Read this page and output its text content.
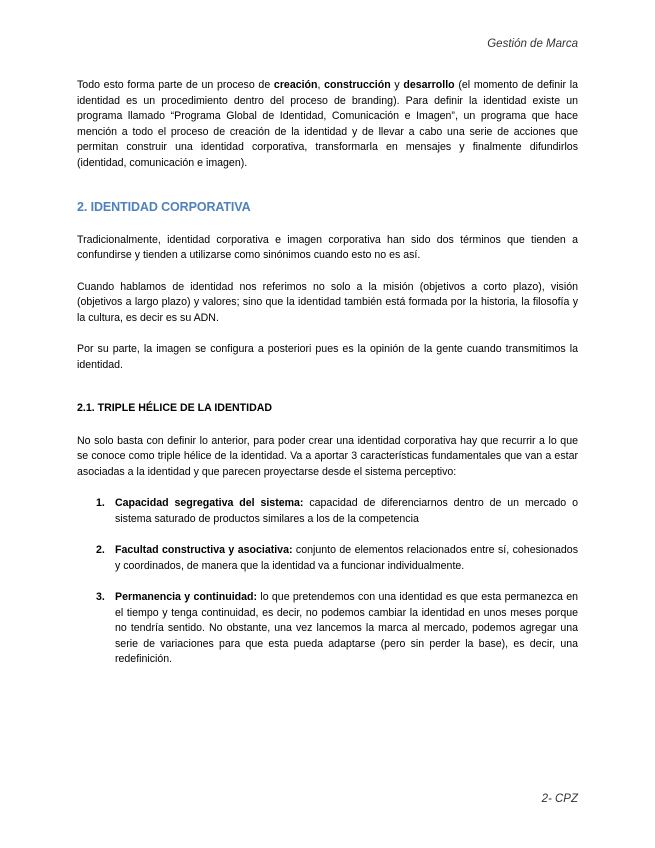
Gestión de Marca

Todo esto forma parte de un proceso de creación, construcción y desarrollo (el momento de definir la identidad es un procedimiento dentro del proceso de branding). Para definir la identidad existe un programa llamado “Programa Global de Identidad, Comunicación e Imagen”, un programa que hace mención a todo el proceso de creación de la identidad y de llevar a cabo una serie de acciones que permitan construir una identidad corporativa, transformarla en mensajes y finalmente difundirlos (identidad, comunicación e imagen).

2. IDENTIDAD CORPORATIVA

Tradicionalmente, identidad corporativa e imagen corporativa han sido dos términos que tienden a confundirse y tienden a utilizarse como sinónimos cuando esto no es así.

Cuando hablamos de identidad nos referimos no solo a la misión (objetivos a corto plazo), visión (objetivos a largo plazo) y valores; sino que la identidad también está formada por la historia, la filosofía y la cultura, es decir es su ADN.

Por su parte, la imagen se configura a posteriori pues es la opinión de la gente cuando transmitimos la identidad.

2.1. TRIPLE HÉLICE DE LA IDENTIDAD

No solo basta con definir lo anterior, para poder crear una identidad corporativa hay que recurrir a lo que se conoce como triple hélice de la identidad. Va a aportar 3 características fundamentales que van a estar asociadas a la identidad y que parecen proyectarse desde el sistema perceptivo:

1. Capacidad segregativa del sistema: capacidad de diferenciarnos dentro de un mercado o sistema saturado de productos similares a los de la competencia
2. Facultad constructiva y asociativa: conjunto de elementos relacionados entre sí, cohesionados y coordinados, de manera que la identidad va a funcionar individualmente.
3. Permanencia y continuidad: lo que pretendemos con una identidad es que esta permanezca en el tiempo y tenga continuidad, es decir, no podemos cambiar la identidad en unos meses porque no tendría sentido. No obstante, una vez lancemos la marca al mercado, podemos agregar una serie de variaciones para que esta pueda adaptarse (pero sin perder la base), es decir, una redefinición.
2- CPZ
